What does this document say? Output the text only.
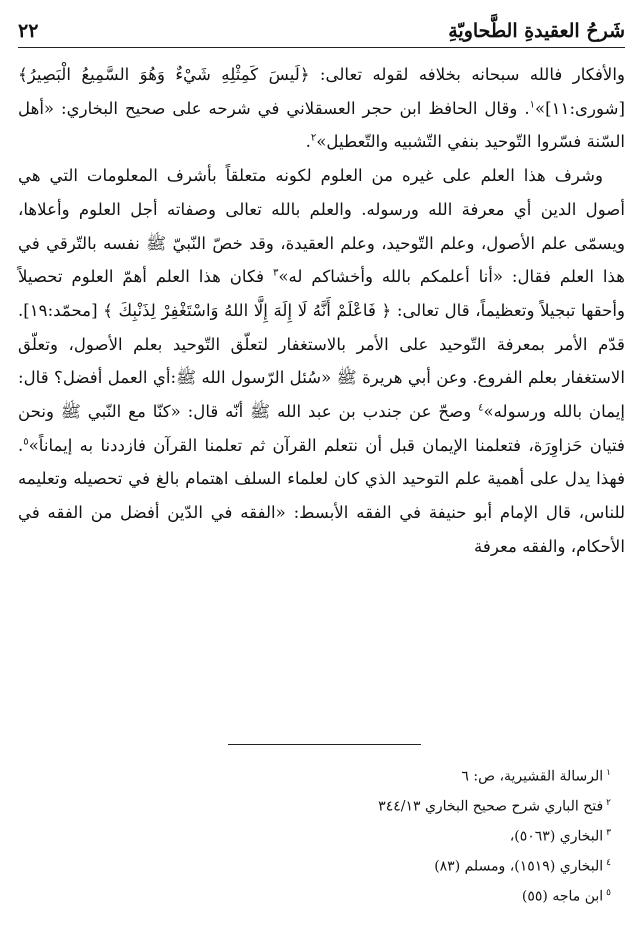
شَرحُ العقيدةِ الطَّحاويّةِ
٢٢

والأفكار فالله سبحانه بخلافه لقوله تعالى: ﴿لَيسَ كَمِثْلِهِ شَيْءٌ وَهُوَ السَّمِيعُ الْبَصِيرُ﴾ [شورى:١١]»$^١$. وقال الحافظ ابن حجر العسقلاني في شرحه على صحيح البخاري: «أهل السّنة فسّروا التّوحيد بنفي التّشبيه والتّعطيل»$^٢$.

وشرف هذا العلم على غيره من العلوم لكونه متعلقاً بأشرف المعلومات التي هي أصول الدين أي معرفة الله ورسوله. والعلم بالله تعالى وصفاته أجل العلوم وأعلاها، ويسمّى علم الأصول، وعلم التّوحيد، وعلم العقيدة، وقد خصّ النّبيّ ﷺ نفسه بالتّرقي في هذا العلم فقال: «أنا أعلمكم بالله وأخشاكم له»$^٣$ فكان هذا العلم أهمّ العلوم تحصيلاً وأحقها تبجيلاً وتعظيماً، قال تعالى: ﴿ فَاعْلَمْ أَنَّهُ لَا إِلَهَ إِلَّا اللهُ وَاسْتَغْفِرْ لِذَنْبِكَ ﴾ [محمّد:١٩]. قدّم الأمر بمعرفة التّوحيد على الأمر بالاستغفار لتعلّق التّوحيد بعلم الأصول، وتعلّق الاستغفار بعلم الفروع. وعن أبي هريرة ﷺ «سُئل الرّسول الله ﷺ:أي العمل أفضل؟ قال: إيمان بالله ورسوله»$^٤$ وصحّ عن جندب بن عبد الله ﷺ أنّه قال: «كنّا مع النّبي ﷺ ونحن فتيان حَزاوِرَة، فتعلمنا الإيمان قبل أن نتعلم القرآن ثم تعلمنا القرآن فازددنا به إيماناً»$^٥$. فهذا يدل على أهمية علم التوحيد الذي كان لعلماء السلف اهتمام بالغ في تحصيله وتعليمه للناس، قال الإمام أبو حنيفة في الفقه الأبسط: «الفقه في الدّين أفضل من الفقه في الأحكام، والفقه معرفة

$^١$الرسالة القشيرية، ص: ٦
$^٢$فتح الباري شرح صحيح البخاري ٣٤٤/١٣
$^٣$البخاري (٥٠٦٣)،
$^٤$البخاري (١٥١٩)، ومسلم (٨٣)
$^٥$ابن ماجه (٥٥)
